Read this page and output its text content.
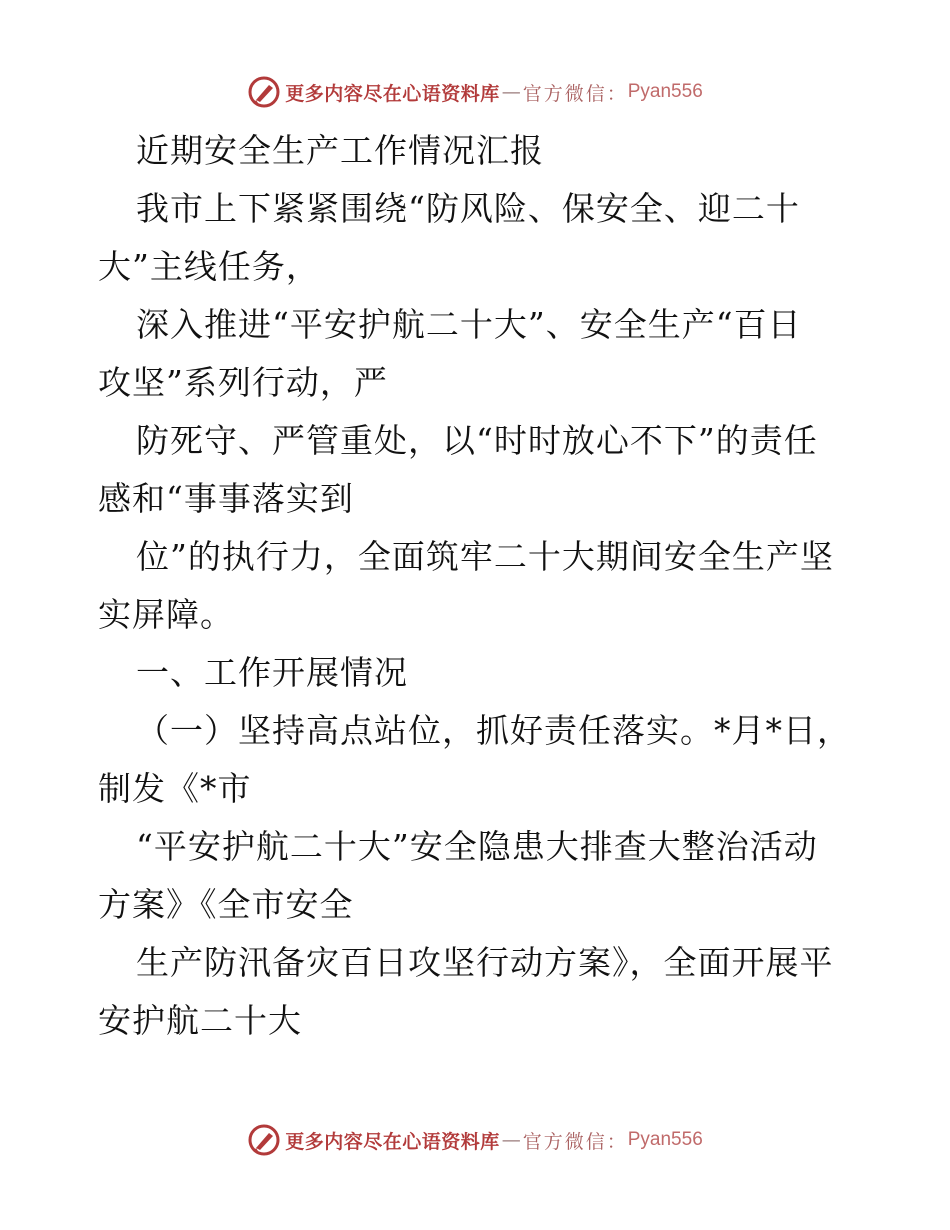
更多内容尽在心语资料库 — 官方微信： Pyan556
近期安全生产工作情况汇报
我市上下紧紧围绕“防风险、保安全、迎二十
大”主线任务，
深入推进“平安护航二十大”、安全生产“百日
攻坚”系列行动，严
防死守、严管重处，以“时时放心不下”的责任
感和“事事落实到
位”的执行力，全面筑牢二十大期间安全生产坚
实屏障。
一、工作开展情况
（一）坚持高点站位，抓好责任落实。*月*日，
制发《*市
“平安护航二十大”安全隐患大排查大整治活动
方案》《全市安全
生产防汛备灾百日攻坚行动方案》，全面开展平
安护航二十大
更多内容尽在心语资料库 — 官方微信： Pyan556
